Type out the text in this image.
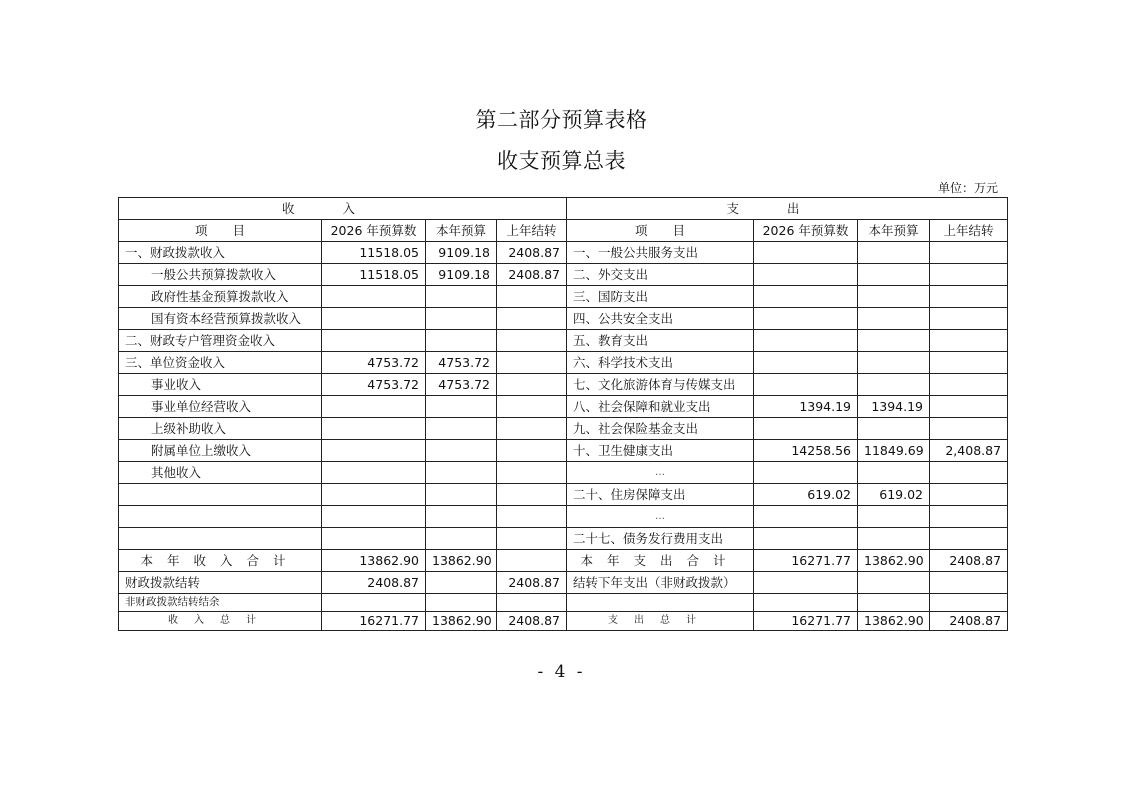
第二部分预算表格
收支预算总表
单位：万元
收入				支出			
项　　目	2026 年预算数	本年预算	上年结转	项　　目	2026 年预算数	本年预算	上年结转
一、财政拨款收入	11518.05	9109.18	2408.87	一、一般公共服务支出			
一般公共预算拨款收入	11518.05	9109.18	2408.87	二、外交支出			
政府性基金预算拨款收入				三、国防支出			
国有资本经营预算拨款收入				四、公共安全支出			
二、财政专户管理资金收入				五、教育支出			
三、单位资金收入	4753.72	4753.72		六、科学技术支出			
事业收入	4753.72	4753.72		七、文化旅游体育与传媒支出			
事业单位经营收入				八、社会保障和就业支出	1394.19	1394.19	
上级补助收入				九、社会保险基金支出			
附属单位上缴收入				十、卫生健康支出	14258.56	11849.69	2,408.87
其他收入				…			
				二十、住房保障支出	619.02	619.02	
				…			
				二十七、债务发行费用支出			
本年收入合计	13862.90	13862.90		本年支出合计	16271.77	13862.90	2408.87
财政拨款结转	2408.87		2408.87	结转下年支出（非财政拨款）			
非财政拨款结转结余							
收入总计	16271.77	13862.90	2408.87	支出总计	16271.77	13862.90	2408.87
- 4 -
